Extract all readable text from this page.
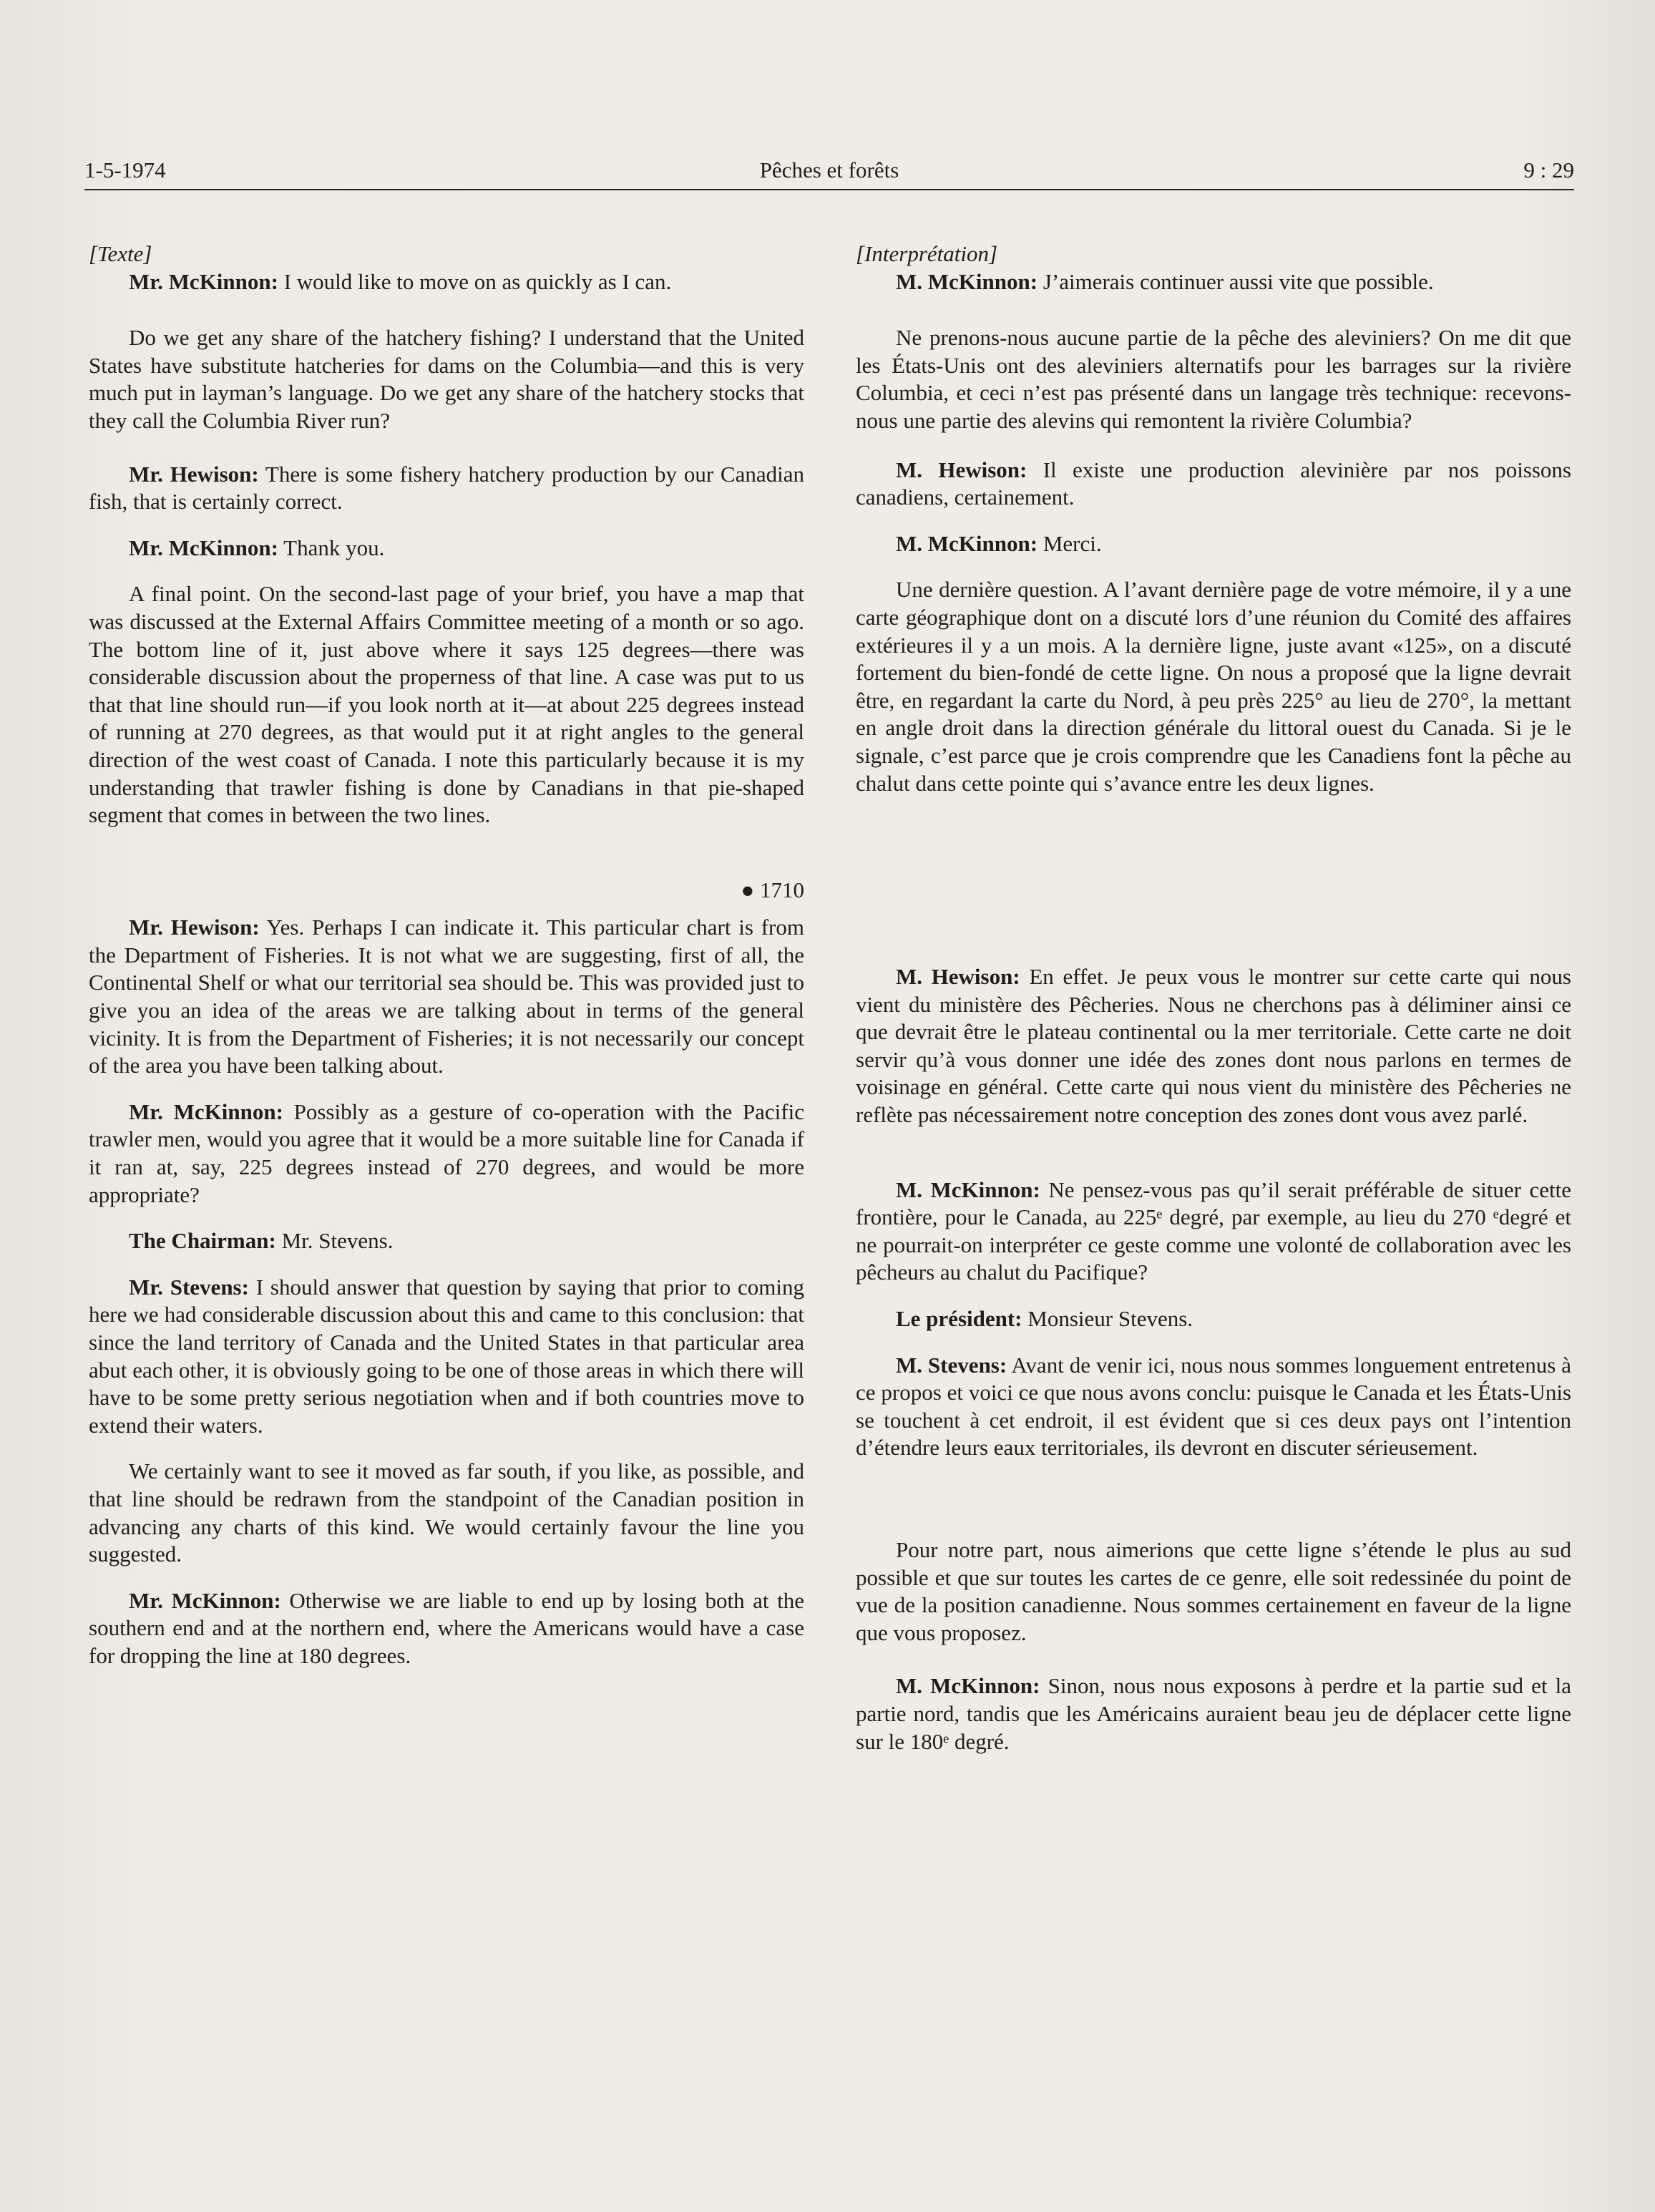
1-5-1974	Pêches et forêts	9 : 29

[Texte]

Mr. McKinnon: I would like to move on as quickly as I can.

Do we get any share of the hatchery fishing? I understand that the United States have substitute hatcheries for dams on the Columbia—and this is very much put in layman’s language. Do we get any share of the hatchery stocks that they call the Columbia River run?

Mr. Hewison: There is some fishery hatchery production by our Canadian fish, that is certainly correct.

Mr. McKinnon: Thank you.

A final point. On the second-last page of your brief, you have a map that was discussed at the External Affairs Committee meeting of a month or so ago. The bottom line of it, just above where it says 125 degrees—there was considerable discussion about the properness of that line. A case was put to us that that line should run—if you look north at it—at about 225 degrees instead of running at 270 degrees, as that would put it at right angles to the general direction of the west coast of Canada. I note this particularly because it is my understanding that trawler fishing is done by Canadians in that pie-shaped segment that comes in between the two lines.

● 1710

Mr. Hewison: Yes. Perhaps I can indicate it. This particular chart is from the Department of Fisheries. It is not what we are suggesting, first of all, the Continental Shelf or what our territorial sea should be. This was provided just to give you an idea of the areas we are talking about in terms of the general vicinity. It is from the Department of Fisheries; it is not necessarily our concept of the area you have been talking about.

Mr. McKinnon: Possibly as a gesture of co-operation with the Pacific trawler men, would you agree that it would be a more suitable line for Canada if it ran at, say, 225 degrees instead of 270 degrees, and would be more appropriate?

The Chairman: Mr. Stevens.

Mr. Stevens: I should answer that question by saying that prior to coming here we had considerable discussion about this and came to this conclusion: that since the land territory of Canada and the United States in that particular area abut each other, it is obviously going to be one of those areas in which there will have to be some pretty serious negotiation when and if both countries move to extend their waters.

We certainly want to see it moved as far south, if you like, as possible, and that line should be redrawn from the standpoint of the Canadian position in advancing any charts of this kind. We would certainly favour the line you suggested.

Mr. McKinnon: Otherwise we are liable to end up by losing both at the southern end and at the northern end, where the Americans would have a case for dropping the line at 180 degrees.

[Interprétation]

M. McKinnon: J’aimerais continuer aussi vite que possible.

Ne prenons-nous aucune partie de la pêche des aleviniers? On me dit que les États-Unis ont des aleviniers alternatifs pour les barrages sur la rivière Columbia, et ceci n’est pas présenté dans un langage très technique: recevons-nous une partie des alevins qui remontent la rivière Columbia?

M. Hewison: Il existe une production alevinière par nos poissons canadiens, certainement.

M. McKinnon: Merci.

Une dernière question. A l’avant dernière page de votre mémoire, il y a une carte géographique dont on a discuté lors d’une réunion du Comité des affaires extérieures il y a un mois. A la dernière ligne, juste avant «125», on a discuté fortement du bien-fondé de cette ligne. On nous a proposé que la ligne devrait être, en regardant la carte du Nord, à peu près 225° au lieu de 270°, la mettant en angle droit dans la direction générale du littoral ouest du Canada. Si je le signale, c’est parce que je crois comprendre que les Canadiens font la pêche au chalut dans cette pointe qui s’avance entre les deux lignes.

M. Hewison: En effet. Je peux vous le montrer sur cette carte qui nous vient du ministère des Pêcheries. Nous ne cherchons pas à déliminer ainsi ce que devrait être le plateau continental ou la mer territoriale. Cette carte ne doit servir qu’à vous donner une idée des zones dont nous parlons en termes de voisinage en général. Cette carte qui nous vient du ministère des Pêcheries ne reflète pas nécessairement notre conception des zones dont vous avez parlé.

M. McKinnon: Ne pensez-vous pas qu’il serait préférable de situer cette frontière, pour le Canada, au 225ᵉ degré, par exemple, au lieu du 270 ᵉdegré et ne pourrait-on interpréter ce geste comme une volonté de collaboration avec les pêcheurs au chalut du Pacifique?

Le président: Monsieur Stevens.

M. Stevens: Avant de venir ici, nous nous sommes longuement entretenus à ce propos et voici ce que nous avons conclu: puisque le Canada et les États-Unis se touchent à cet endroit, il est évident que si ces deux pays ont l’intention d’étendre leurs eaux territoriales, ils devront en discuter sérieusement.

Pour notre part, nous aimerions que cette ligne s’étende le plus au sud possible et que sur toutes les cartes de ce genre, elle soit redessinée du point de vue de la position canadienne. Nous sommes certainement en faveur de la ligne que vous proposez.

M. McKinnon: Sinon, nous nous exposons à perdre et la partie sud et la partie nord, tandis que les Américains auraient beau jeu de déplacer cette ligne sur le 180ᵉ degré.
